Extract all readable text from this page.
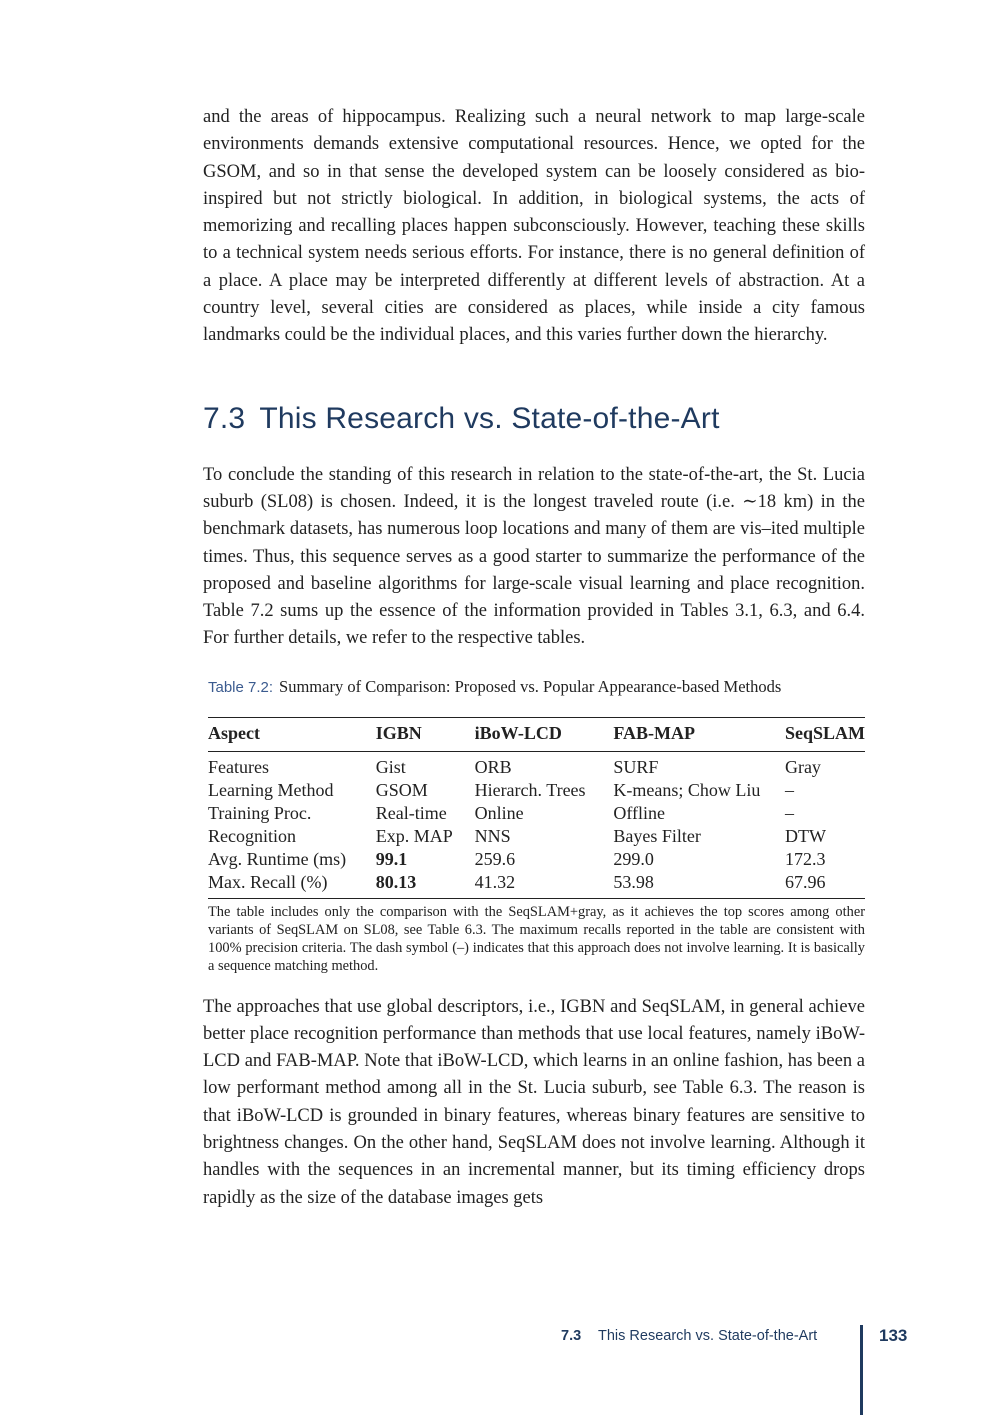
and the areas of hippocampus. Realizing such a neural network to map large-scale environments demands extensive computational resources. Hence, we opted for the GSOM, and so in that sense the developed system can be loosely considered as bio-inspired but not strictly biological. In addition, in biological systems, the acts of memorizing and recalling places happen subconsciously. However, teaching these skills to a technical system needs serious efforts. For instance, there is no general definition of a place. A place may be interpreted differently at different levels of abstraction. At a country level, several cities are considered as places, while inside a city famous landmarks could be the individual places, and this varies further down the hierarchy.

7.3 This Research vs. State-of-the-Art

To conclude the standing of this research in relation to the state-of-the-art, the St. Lucia suburb (SL08) is chosen. Indeed, it is the longest traveled route (i.e. ∼18 km) in the benchmark datasets, has numerous loop locations and many of them are vis–ited multiple times. Thus, this sequence serves as a good starter to summarize the performance of the proposed and baseline algorithms for large-scale visual learning and place recognition. Table 7.2 sums up the essence of the information provided in Tables 3.1, 6.3, and 6.4. For further details, we refer to the respective tables.

Table 7.2: Summary of Comparison: Proposed vs. Popular Appearance-based Methods
Aspect	IGBN	iBoW-LCD	FAB-MAP	SeqSLAM
Features	Gist	ORB	SURF	Gray
Learning Method	GSOM	Hierarch. Trees	K-means; Chow Liu	–
Training Proc.	Real-time	Online	Offline	–
Recognition	Exp. MAP	NNS	Bayes Filter	DTW
Avg. Runtime (ms)	99.1	259.6	299.0	172.3
Max. Recall (%)	80.13	41.32	53.98	67.96

The table includes only the comparison with the SeqSLAM+gray, as it achieves the top scores among other variants of SeqSLAM on SL08, see Table 6.3. The maximum recalls reported in the table are consistent with 100% precision criteria. The dash symbol (–) indicates that this approach does not involve learning. It is basically a sequence matching method.

The approaches that use global descriptors, i.e., IGBN and SeqSLAM, in general achieve better place recognition performance than methods that use local features, namely iBoW-LCD and FAB-MAP. Note that iBoW-LCD, which learns in an online fashion, has been a low performant method among all in the St. Lucia suburb, see Table 6.3. The reason is that iBoW-LCD is grounded in binary features, whereas binary features are sensitive to brightness changes. On the other hand, SeqSLAM does not involve learning. Although it handles with the sequences in an incremental manner, but its timing efficiency drops rapidly as the size of the database images gets

7.3 This Research vs. State-of-the-Art	133
